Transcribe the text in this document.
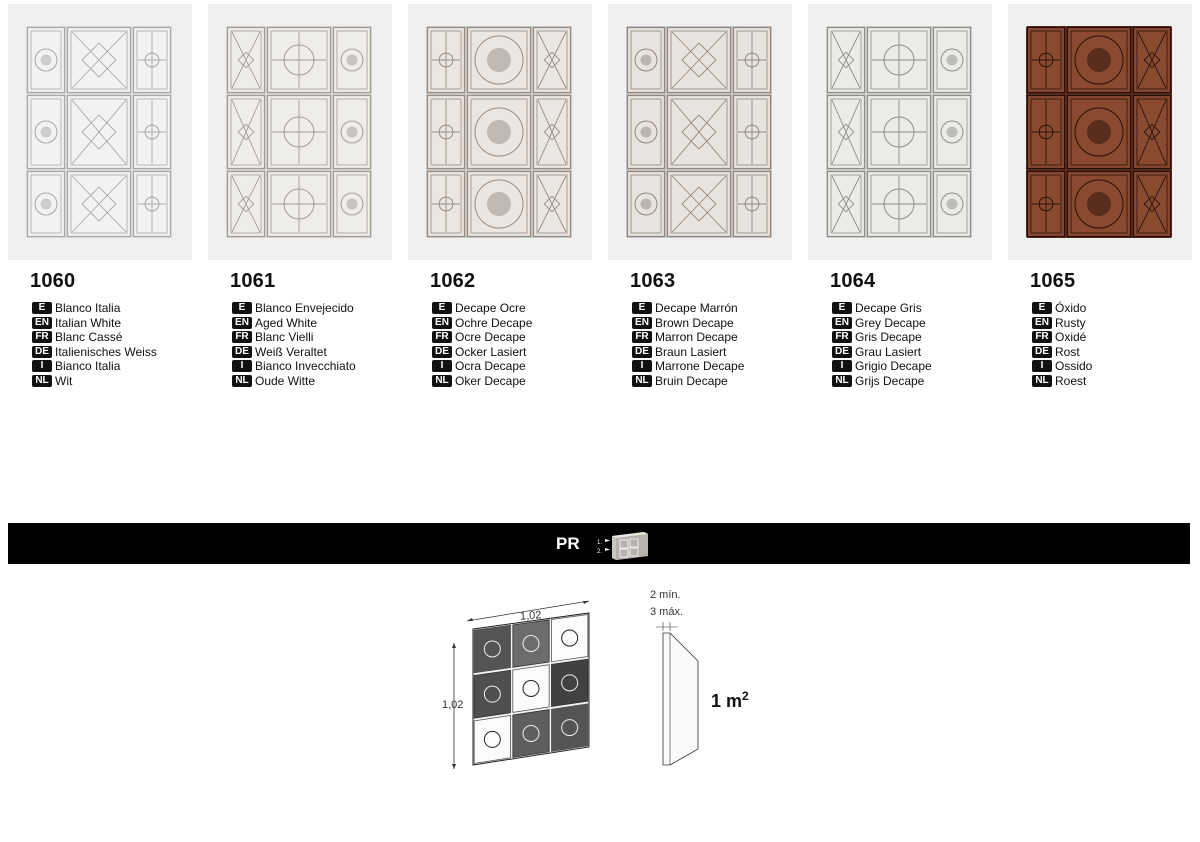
1060
E Blanco Italia
EN Italian White
FR Blanc Cassé
DE Italienisches Weiss
I Bianco Italia
NL Wit
1061
E Blanco Envejecido
EN Aged White
FR Blanc Vielli
DE Weiß Veraltet
I Bianco Invecchiato
NL Oude Witte
1062
E Decape Ocre
EN Ochre Decape
FR Ocre Decape
DE Ocker Lasiert
I Ocra Decape
NL Oker Decape
1063
E Decape Marrón
EN Brown Decape
FR Marron Decape
DE Braun Lasiert
I Marrone Decape
NL Bruin Decape
1064
E Decape Gris
EN Grey Decape
FR Gris Decape
DE Grau Lasiert
I Grigio Decape
NL Grijs Decape
1065
E Óxido
EN Rusty
FR Oxidé
DE Rost
I Ossido
NL Roest
PR	1.
2.
1,02
1,02
2 mín.
3 máx.
1 $m^2$
